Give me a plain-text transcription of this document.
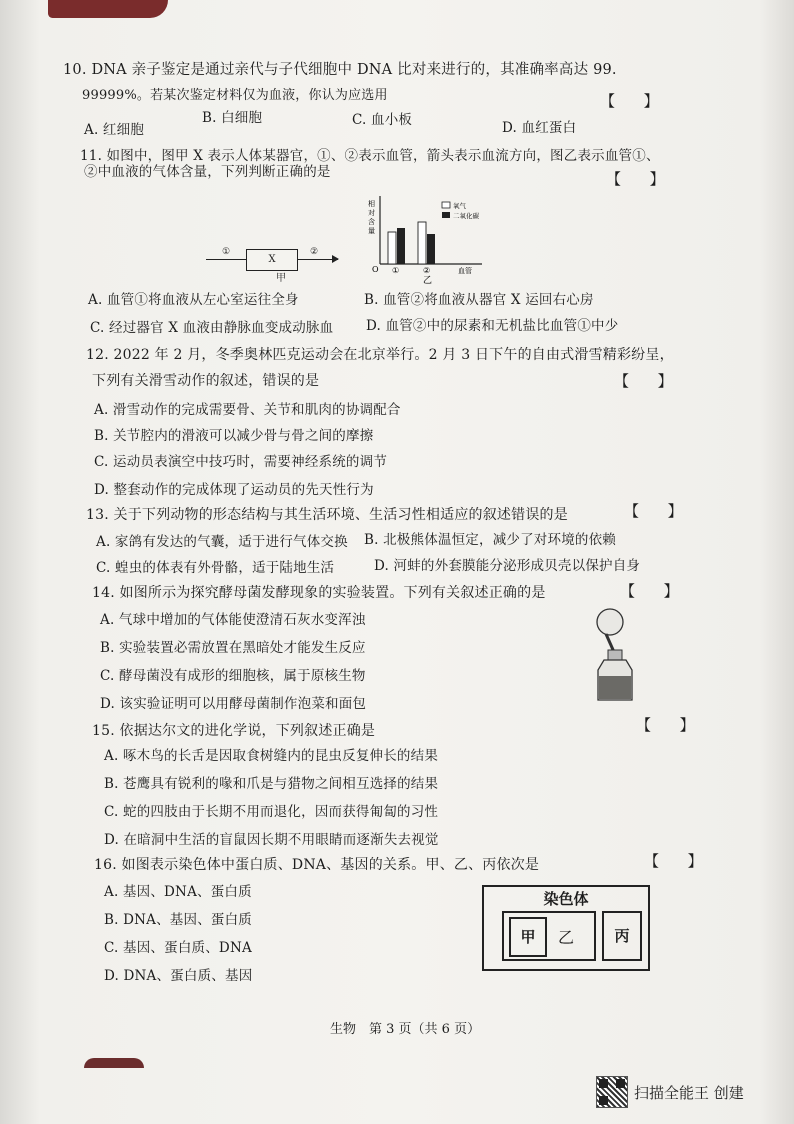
10. DNA 亲子鉴定是通过亲代与子代细胞中 DNA 比对来进行的，其准确率高达 99.
99999%。若某次鉴定材料仅为血液，你认为应选用	【      】
A. 红细胞
B. 白细胞	C. 血小板	D. 血红蛋白
11. 如图中，图甲 X 表示人体某器官，①、②表示血管，箭头表示血流方向，图乙表示血管①、
②中血液的气体含量，下列判断正确的是	【      】
①
X
②
甲
相
对
含
量
氧气
二氧化碳
O ①	②	血管
乙
A. 血管①将血液从左心室运往全身	B. 血管②将血液从器官 X 运回右心房
C. 经过器官 X 血液由静脉血变成动脉血 D. 血管②中的尿素和无机盐比血管①中少
12. 2022 年 2 月，冬季奥林匹克运动会在北京举行。2 月 3 日下午的自由式滑雪精彩纷呈，
下列有关滑雪动作的叙述，错误的是	【      】
A. 滑雪动作的完成需要骨、关节和肌肉的协调配合
B. 关节腔内的滑液可以减少骨与骨之间的摩擦
C. 运动员表演空中技巧时，需要神经系统的调节
D. 整套动作的完成体现了运动员的先天性行为
13. 关于下列动物的形态结构与其生活环境、生活习性相适应的叙述错误的是	【      】
A. 家鸽有发达的气囊，适于进行气体交换 B. 北极熊体温恒定，减少了对环境的依赖
C. 蝗虫的体表有外骨骼，适于陆地生活	D. 河蚌的外套膜能分泌形成贝壳以保护自身
14. 如图所示为探究酵母菌发酵现象的实验装置。下列有关叙述正确的是	【      】
A. 气球中增加的气体能使澄清石灰水变浑浊
B. 实验装置必需放置在黑暗处才能发生反应
C. 酵母菌没有成形的细胞核，属于原核生物
D. 该实验证明可以用酵母菌制作泡菜和面包
15. 依据达尔文的进化学说，下列叙述正确是	【      】
A. 啄木鸟的长舌是因取食树缝内的昆虫反复伸长的结果
B. 苍鹰具有锐利的喙和爪是与猎物之间相互选择的结果
C. 蛇的四肢由于长期不用而退化，因而获得匍匐的习性
D. 在暗洞中生活的盲鼠因长期不用眼睛而逐渐失去视觉
16. 如图表示染色体中蛋白质、DNA、基因的关系。甲、乙、丙依次是	【      】
A. 基因、DNA、蛋白质
B. DNA、基因、蛋白质
C. 基因、蛋白质、DNA
D. DNA、蛋白质、基因
染色体
甲	乙	丙
生物　第 3 页（共 6 页）
扫描全能王 创建
